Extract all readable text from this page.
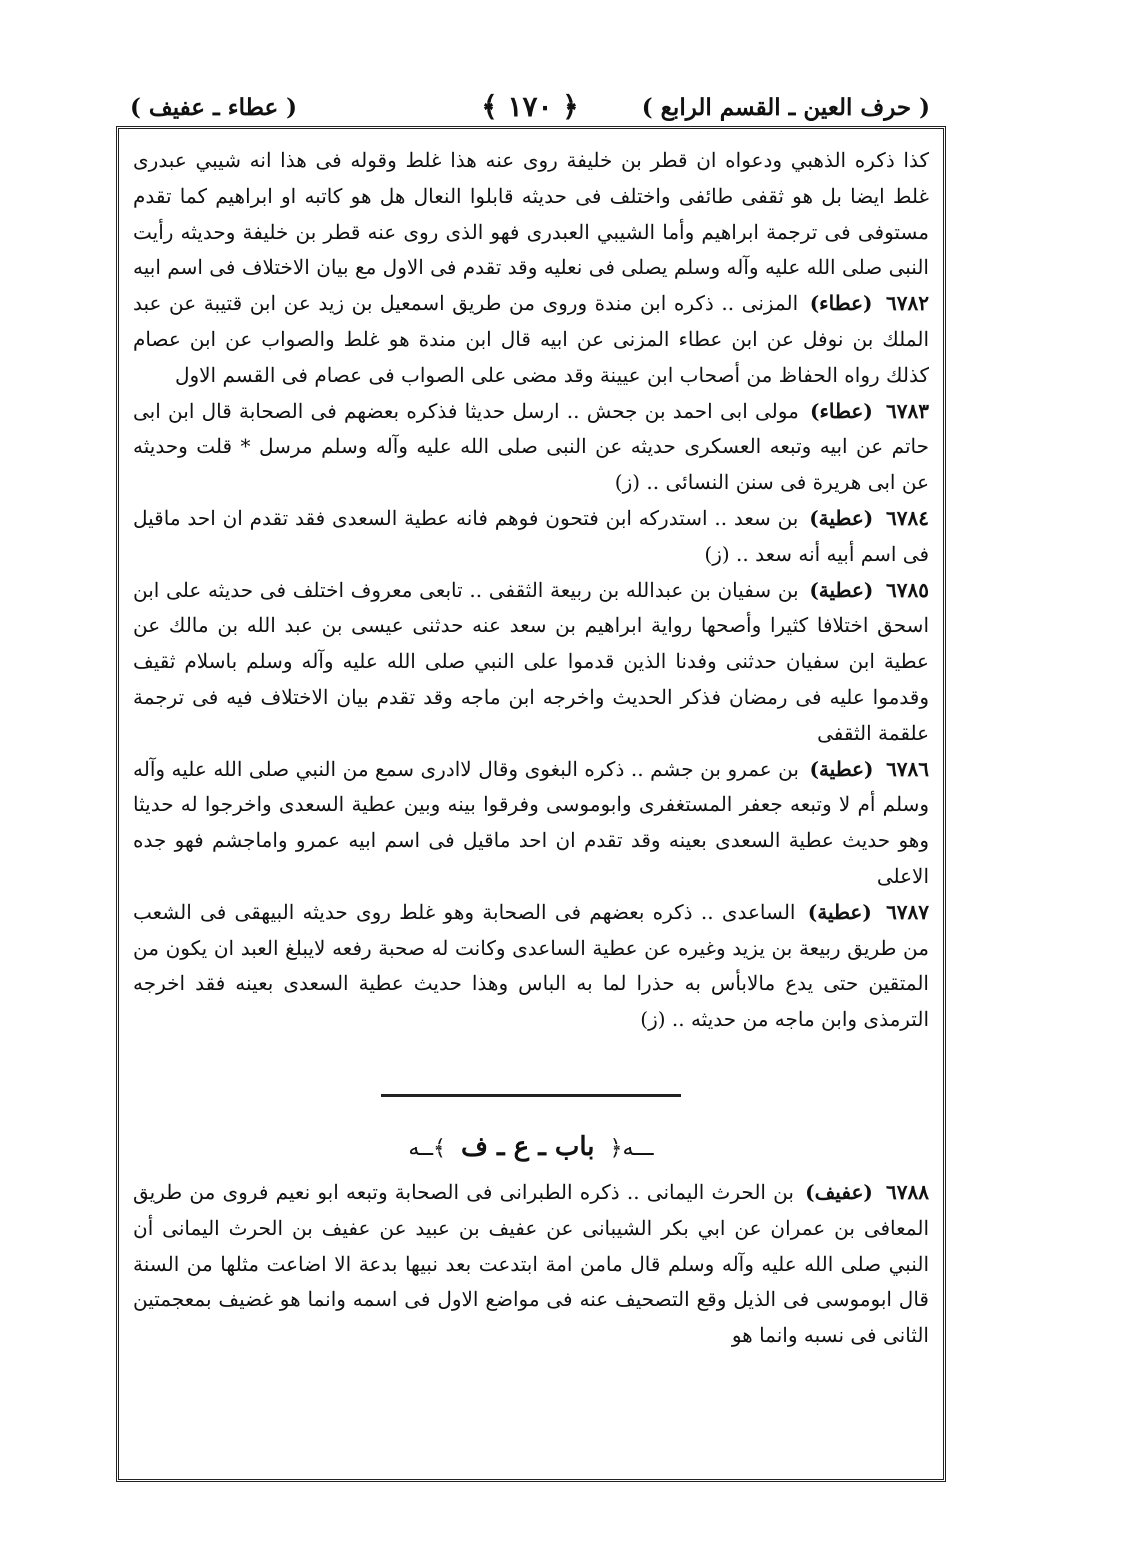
( حرف العين ـ القسم الرابع )
﴿ ١٧٠ ﴾
( عطاء ـ عفيف )

كذا ذكره الذهبي ودعواه ان قطر بن خليفة روى عنه هذا غلط وقوله فى هذا انه شيبي عبدرى غلط ايضا بل هو ثقفى طائفى واختلف فى حديثه قابلوا النعال هل هو كاتبه او ابراهيم كما تقدم مستوفى فى ترجمة ابراهيم وأما الشيبي العبدرى فهو الذى روى عنه قطر بن خليفة وحديثه رأيت النبى صلى الله عليه وآله وسلم يصلى فى نعليه وقد تقدم فى الاول مع بيان الاختلاف فى اسم ابيه

٦٧٨٢ (عطاء) المزنى .. ذكره ابن مندة وروى من طريق اسمعيل بن زيد عن ابن قتيبة عن عبد الملك بن نوفل عن ابن عطاء المزنى عن ابيه قال ابن مندة هو غلط والصواب عن ابن عصام كذلك رواه الحفاظ من أصحاب ابن عيينة وقد مضى على الصواب فى عصام فى القسم الاول

٦٧٨٣ (عطاء) مولى ابى احمد بن جحش .. ارسل حديثا فذكره بعضهم فى الصحابة قال ابن ابى حاتم عن ابيه وتبعه العسكرى حديثه عن النبى صلى الله عليه وآله وسلم مرسل * قلت وحديثه عن ابى هريرة فى سنن النسائى .. (ز)

٦٧٨٤ (عطية) بن سعد .. استدركه ابن فتحون فوهم فانه عطية السعدى فقد تقدم ان احد ماقيل فى اسم أبيه أنه سعد .. (ز)

٦٧٨٥ (عطية) بن سفيان بن عبدالله بن ربيعة الثقفى .. تابعى معروف اختلف فى حديثه على ابن اسحق اختلافا كثيرا وأصحها رواية ابراهيم بن سعد عنه حدثنى عيسى بن عبد الله بن مالك عن عطية ابن سفيان حدثنى وفدنا الذين قدموا على النبي صلى الله عليه وآله وسلم باسلام ثقيف وقدموا عليه فى رمضان فذكر الحديث واخرجه ابن ماجه وقد تقدم بيان الاختلاف فيه فى ترجمة علقمة الثقفى

٦٧٨٦ (عطية) بن عمرو بن جشم .. ذكره البغوى وقال لاادرى سمع من النبي صلى الله عليه وآله وسلم أم لا وتبعه جعفر المستغفرى وابوموسى وفرقوا بينه وبين عطية السعدى واخرجوا له حديثا وهو حديث عطية السعدى بعينه وقد تقدم ان احد ماقيل فى اسم ابيه عمرو واماجشم فهو جده الاعلى

٦٧٨٧ (عطية) الساعدى .. ذكره بعضهم فى الصحابة وهو غلط روى حديثه البيهقى فى الشعب من طريق ربيعة بن يزيد وغيره عن عطية الساعدى وكانت له صحبة رفعه لايبلغ العبد ان يكون من المتقين حتى يدع مالابأس به حذرا لما به الباس وهذا حديث عطية السعدى بعينه فقد اخرجه الترمذى وابن ماجه من حديثه .. (ز)

ـــه﴿ باب ـ ع ـ ف ﴾ــه

٦٧٨٨ (عفيف) بن الحرث اليمانى .. ذكره الطبرانى فى الصحابة وتبعه ابو نعيم فروى من طريق المعافى بن عمران عن ابي بكر الشيبانى عن عفيف بن عبيد عن عفيف بن الحرث اليمانى أن النبي صلى الله عليه وآله وسلم قال مامن امة ابتدعت بعد نبيها بدعة الا اضاعت مثلها من السنة قال ابوموسى فى الذيل وقع التصحيف عنه فى مواضع الاول فى اسمه وانما هو غضيف بمعجمتين الثانى فى نسبه وانما هو
